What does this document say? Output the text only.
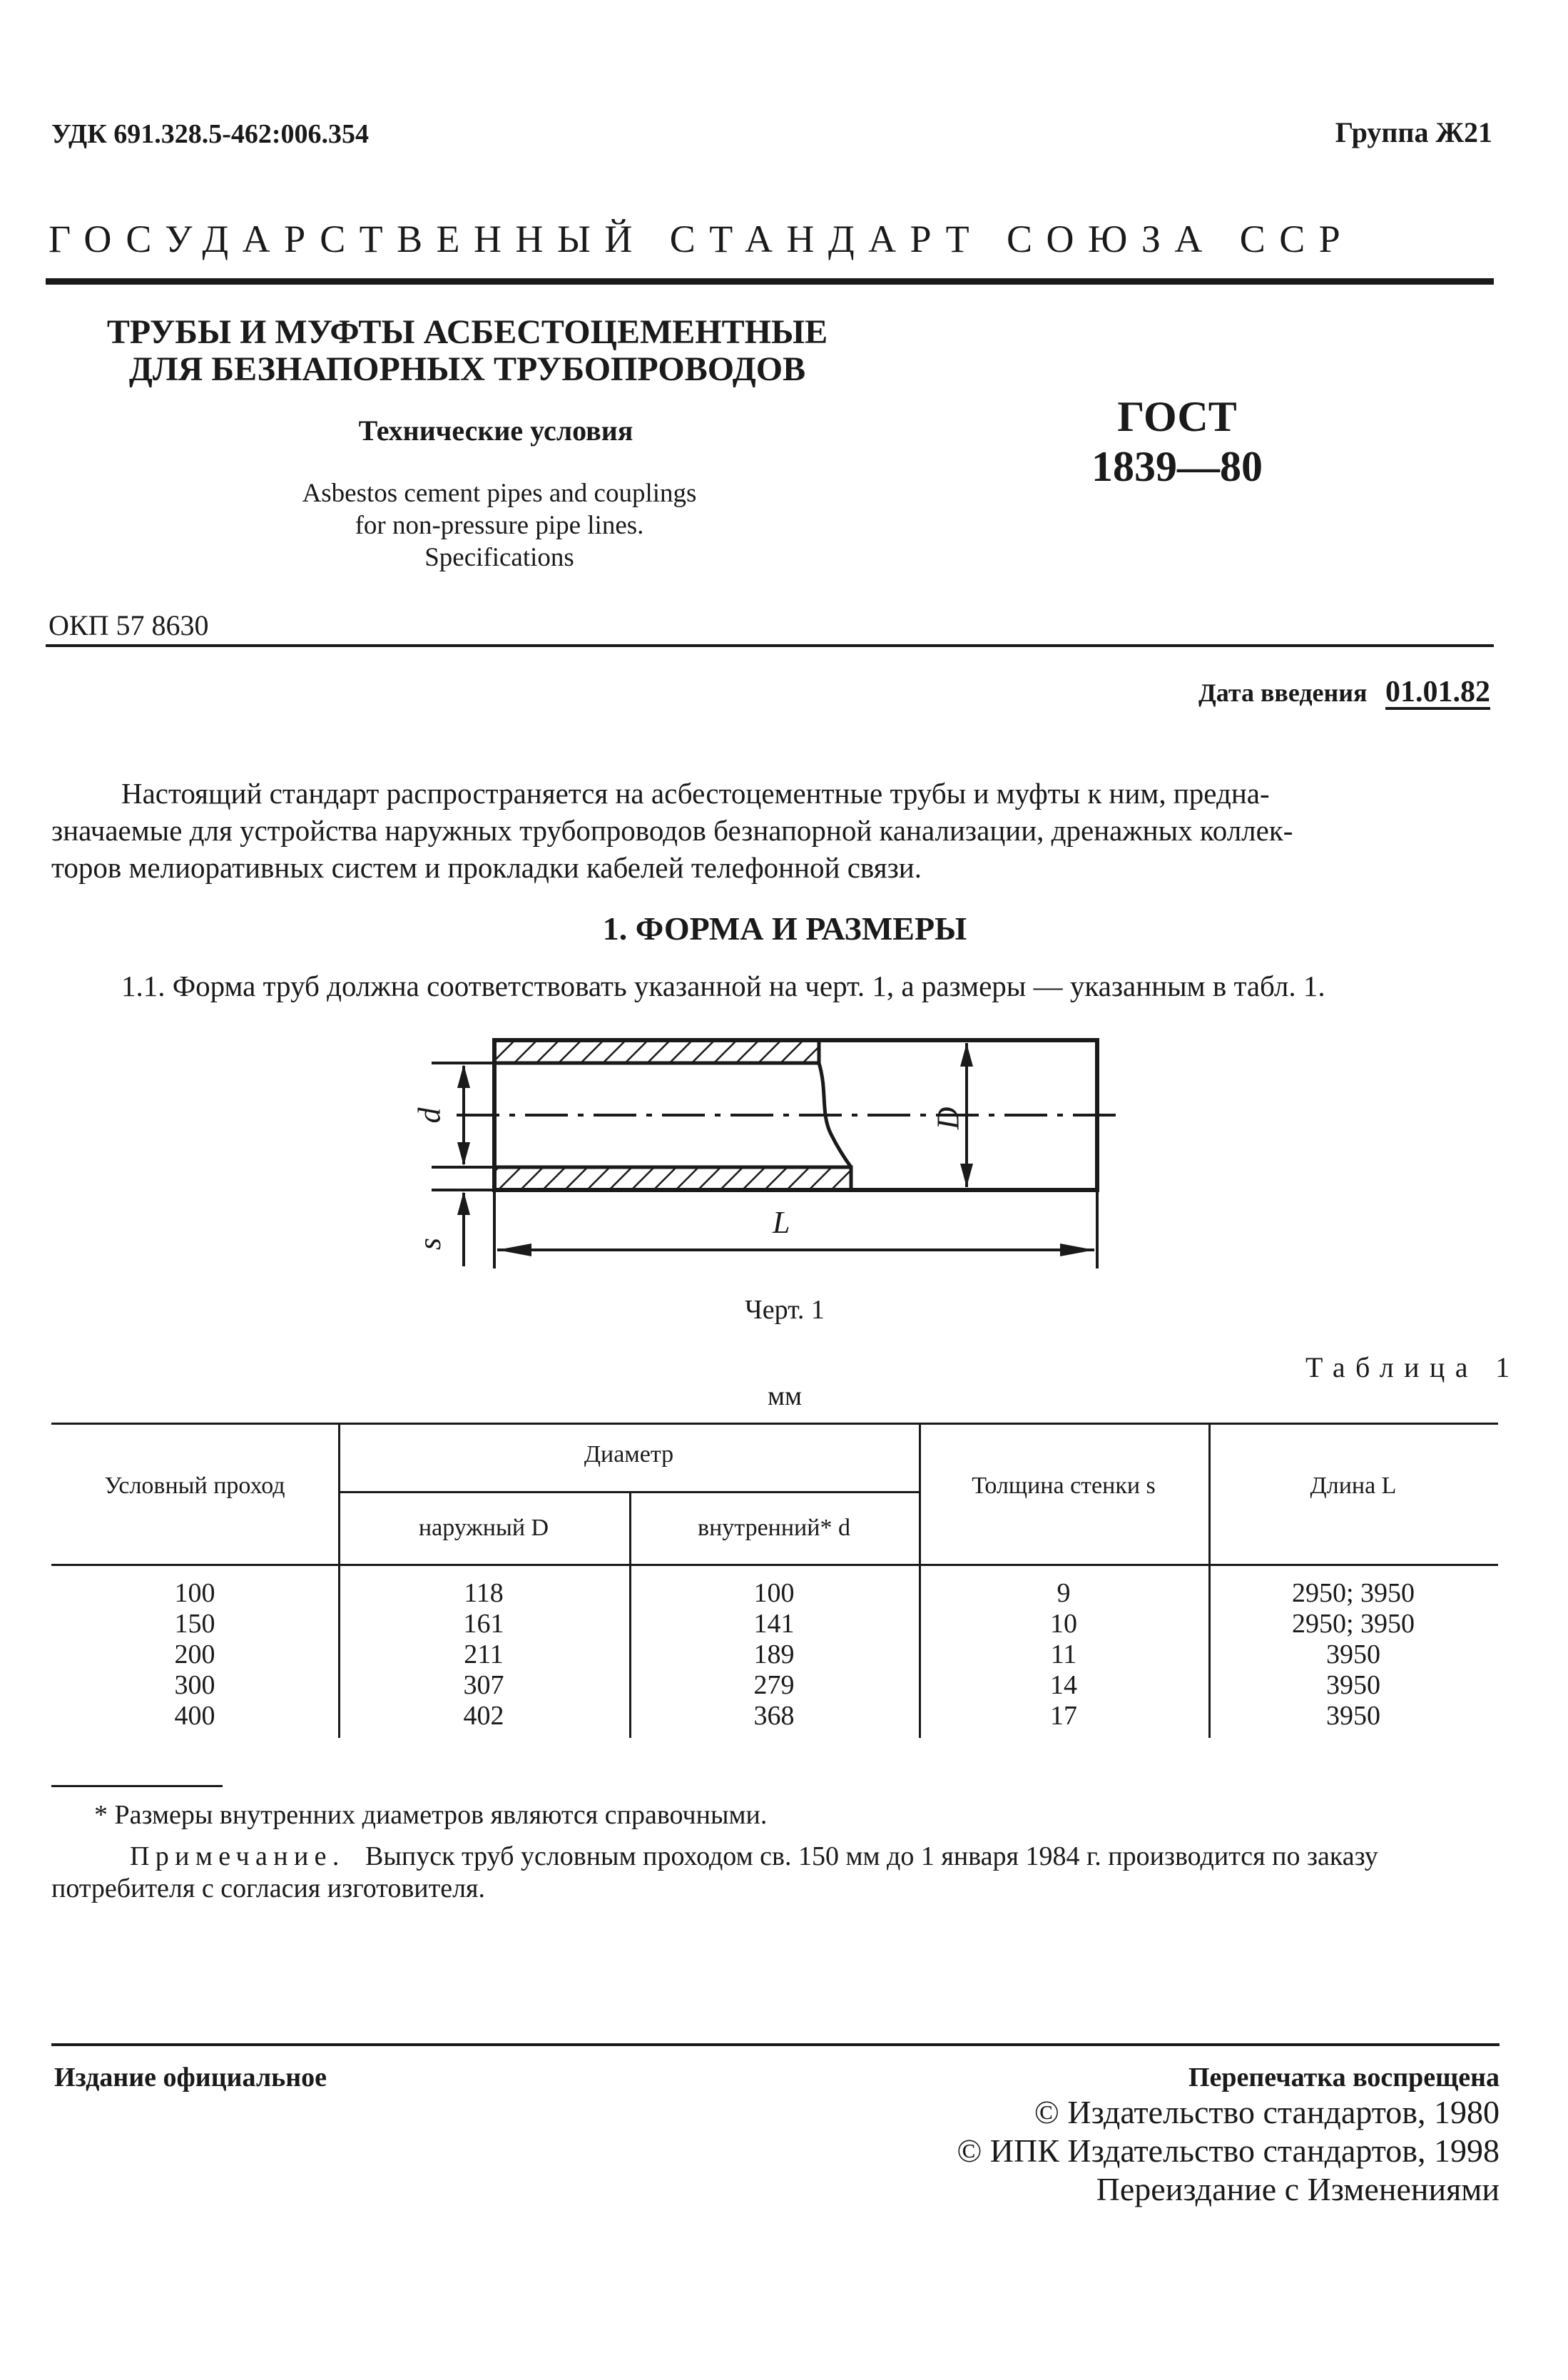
УДК 691.328.5-462:006.354	Группа Ж21
ГОСУДАРСТВЕННЫЙ СТАНДАРТ СОЮЗА ССР
ТРУБЫ И МУФТЫ АСБЕСТОЦЕМЕНТНЫЕ
ДЛЯ БЕЗНАПОРНЫХ ТРУБОПРОВОДОВ
Технические условия
Asbestos cement pipes and couplings
for non-pressure pipe lines.
Specifications
ГОСТ
1839—80
ОКП 57 8630
Дата введения 01.01.82
Настоящий стандарт распространяется на асбестоцементные трубы и муфты к ним, предна-
значаемые для устройства наружных трубопроводов безнапорной канализации, дренажных коллек-
торов мелиоративных систем и прокладки кабелей телефонной связи.
1. ФОРМА И РАЗМЕРЫ
1.1. Форма труб должна соответствовать указанной на черт. 1, а размеры — указанным в табл. 1.
d
s
D
L
Черт. 1
Таблица 1
мм
Условный проход
Диаметр
наружный D	внутренний* d
Толщина стенки s	Длина L
100	118	100	9	2950; 3950
150	161	141	10	2950; 3950
200	211	189	11	3950
300	307	279	14	3950
400	402	368	17	3950
* Размеры внутренних диаметров являются справочными.
Примечание. Выпуск труб условным проходом св. 150 мм до 1 января 1984 г. производится по заказу
потребителя с согласия изготовителя.
Издание официальное	Перепечатка воспрещена
© Издательство стандартов, 1980
© ИПК Издательство стандартов, 1998
Переиздание с Изменениями
